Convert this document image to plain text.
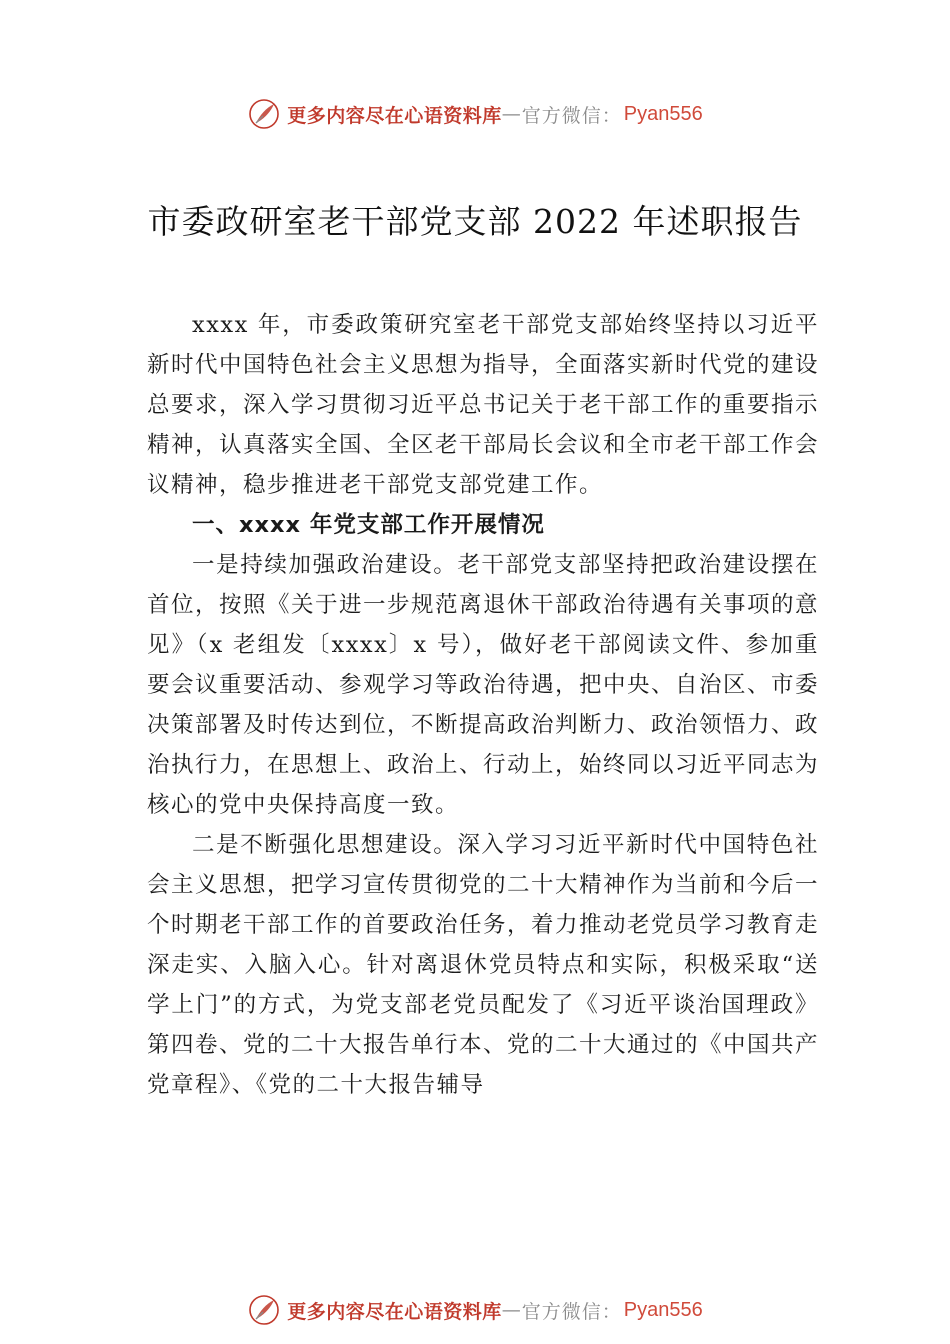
更多内容尽在心语资料库 — 官方微信： Pyan556
市委政研室老干部党支部 2022 年述职报告

xxxx 年，市委政策研究室老干部党支部始终坚持以习近平新时代中国特色社会主义思想为指导，全面落实新时代党的建设总要求，深入学习贯彻习近平总书记关于老干部工作的重要指示精神，认真落实全国、全区老干部局长会议和全市老干部工作会议精神，稳步推进老干部党支部党建工作。

一、xxxx 年党支部工作开展情况

一是持续加强政治建设。老干部党支部坚持把政治建设摆在首位，按照《关于进一步规范离退休干部政治待遇有关事项的意见》（x 老组发〔xxxx〕x 号），做好老干部阅读文件、参加重要会议重要活动、参观学习等政治待遇，把中央、自治区、市委决策部署及时传达到位，不断提高政治判断力、政治领悟力、政治执行力，在思想上、政治上、行动上，始终同以习近平同志为核心的党中央保持高度一致。

二是不断强化思想建设。深入学习习近平新时代中国特色社会主义思想，把学习宣传贯彻党的二十大精神作为当前和今后一个时期老干部工作的首要政治任务，着力推动老党员学习教育走深走实、入脑入心。针对离退休党员特点和实际，积极采取“送学上门”的方式，为党支部老党员配发了《习近平谈治国理政》第四卷、党的二十大报告单行本、党的二十大通过的《中国共产党章程》、《党的二十大报告辅导

更多内容尽在心语资料库 — 官方微信： Pyan556
